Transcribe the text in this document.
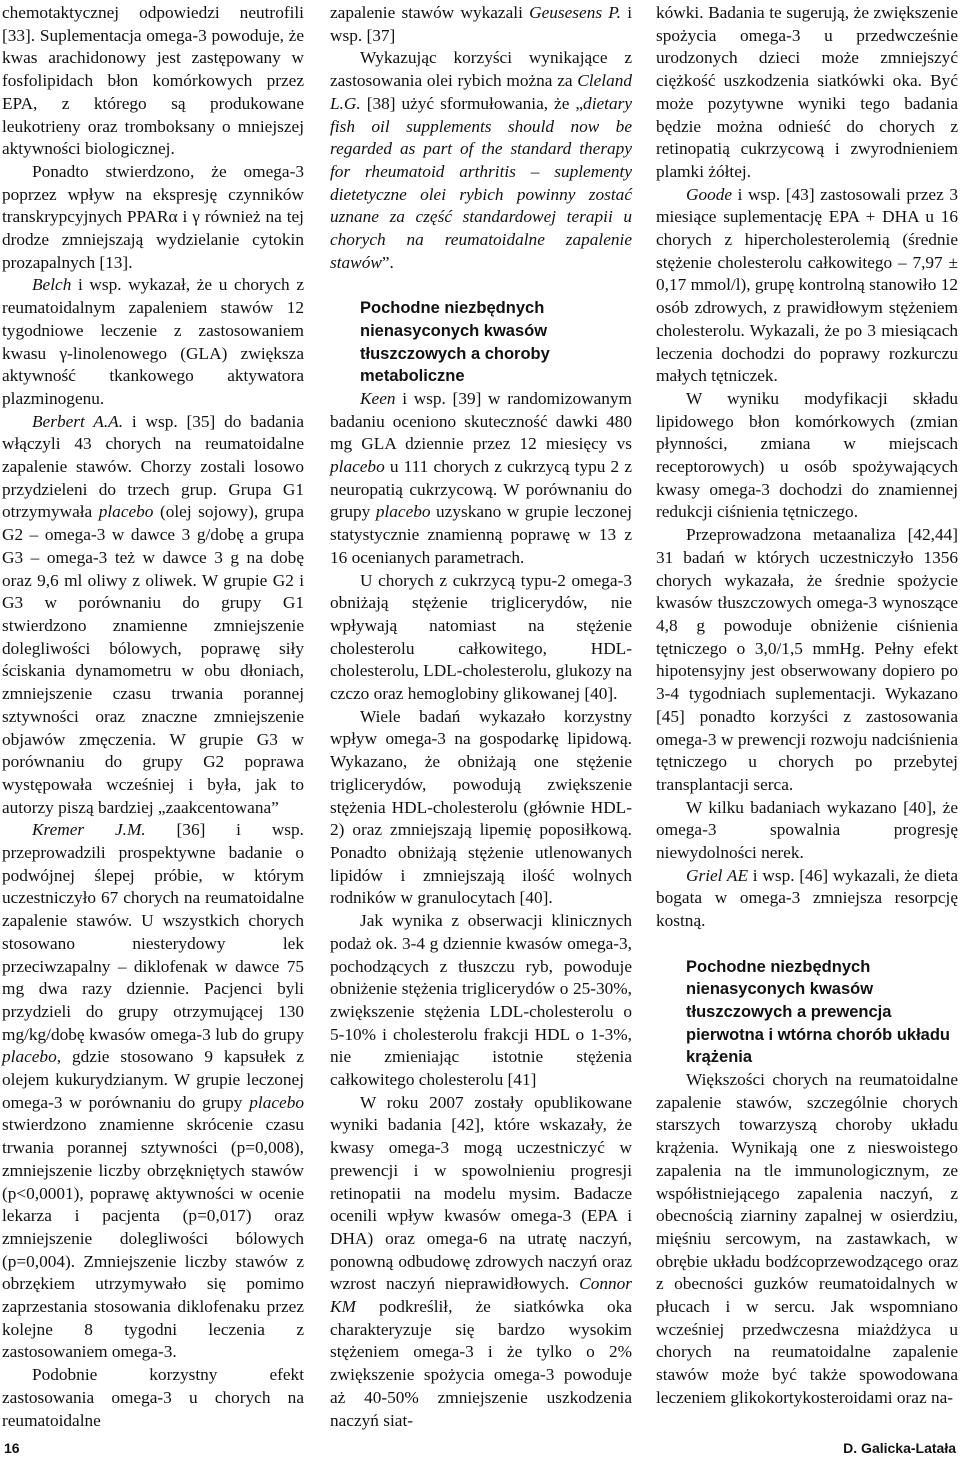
chemotaktycznej odpowiedzi neutrofili [33]. Suplementacja omega-3 powoduje, że kwas arachidonowy jest zastępowany w fosfolipidach błon komórkowych przez EPA, z którego są produkowane leukotrieny oraz tromboksany o mniejszej aktywności biologicznej.

Ponadto stwierdzono, że omega-3 poprzez wpływ na ekspresję czynników transkrypcyjnych PPARα i γ również na tej drodze zmniejszają wydzielanie cytokin prozapalnych [13].

Belch i wsp. wykazał, że u chorych z reumatoidalnym zapaleniem stawów 12 tygodniowe leczenie z zastosowaniem kwasu γ-linolenowego (GLA) zwiększa aktywność tkankowego aktywatora plazminogenu.

Berbert A.A. i wsp. [35] do badania włączyli 43 chorych na reumatoidalne zapalenie stawów. Chorzy zostali losowo przydzieleni do trzech grup. Grupa G1 otrzymywała placebo (olej sojowy), grupa G2 – omega-3 w dawce 3 g/dobę a grupa G3 – omega-3 też w dawce 3 g na dobę oraz 9,6 ml oliwy z oliwek. W grupie G2 i G3 w porównaniu do grupy G1 stwierdzono znamienne zmniejszenie dolegliwości bólowych, poprawę siły ściskania dynamometru w obu dłoniach, zmniejszenie czasu trwania porannej sztywności oraz znaczne zmniejszenie objawów zmęczenia. W grupie G3 w porównaniu do grupy G2 poprawa występowała wcześniej i była, jak to autorzy piszą bardziej „zaakcentowana”

Kremer J.M. [36] i wsp. przeprowadzili prospektywne badanie o podwójnej ślepej próbie, w którym uczestniczyło 67 chorych na reumatoidalne zapalenie stawów. U wszystkich chorych stosowano niesterydowy lek przeciwzapalny – diklofenak w dawce 75 mg dwa razy dziennie. Pacjenci byli przydzieli do grupy otrzymującej 130 mg/kg/dobę kwasów omega-3 lub do grupy placebo, gdzie stosowano 9 kapsułek z olejem kukurydzianym. W grupie leczonej omega-3 w porównaniu do grupy placebo stwierdzono znamienne skrócenie czasu trwania porannej sztywności (p=0,008), zmniejszenie liczby obrzękniętych stawów (p<0,0001), poprawę aktywności w ocenie lekarza i pacjenta (p=0,017) oraz zmniejszenie dolegliwości bólowych (p=0,004). Zmniejszenie liczby stawów z obrzękiem utrzymywało się pomimo zaprzestania stosowania diklofenaku przez kolejne 8 tygodni leczenia z zastosowaniem omega-3.

Podobnie korzystny efekt zastosowania omega-3 u chorych na reumatoidalne

zapalenie stawów wykazali Geusesens P. i wsp. [37]

Wykazując korzyści wynikające z zastosowania olei rybich można za Cleland L.G. [38] użyć sformułowania, że „dietary fish oil supplements should now be regarded as part of the standard therapy for rheumatoid arthritis – suplementy dietetyczne olei rybich powinny zostać uznane za część standardowej terapii u chorych na reumatoidalne zapalenie stawów”.

Pochodne niezbędnych nienasyconych kwasów tłuszczowych a choroby metaboliczne

Keen i wsp. [39] w randomizowanym badaniu oceniono skuteczność dawki 480 mg GLA dziennie przez 12 miesięcy vs placebo u 111 chorych z cukrzycą typu 2 z neuropatią cukrzycową. W porównaniu do grupy placebo uzyskano w grupie leczonej statystycznie znamienną poprawę w 13 z 16 ocenianych parametrach.

U chorych z cukrzycą typu-2 omega-3 obniżają stężenie triglicerydów, nie wpływają natomiast na stężenie cholesterolu całkowitego, HDL-cholesterolu, LDL-cholesterolu, glukozy na czczo oraz hemoglobiny glikowanej [40].

Wiele badań wykazało korzystny wpływ omega-3 na gospodarkę lipidową. Wykazano, że obniżają one stężenie triglicerydów, powodują zwiększenie stężenia HDL-cholesterolu (głównie HDL-2) oraz zmniejszają lipemię poposiłkową. Ponadto obniżają stężenie utlenowanych lipidów i zmniejszają ilość wolnych rodników w granulocytach [40].

Jak wynika z obserwacji klinicznych podaż ok. 3-4 g dziennie kwasów omega-3, pochodzących z tłuszczu ryb, powoduje obniżenie stężenia triglicerydów o 25-30%, zwiększenie stężenia LDL-cholesterolu o 5-10% i cholesterolu frakcji HDL o 1-3%, nie zmieniając istotnie stężenia całkowitego cholesterolu [41]

W roku 2007 zostały opublikowane wyniki badania [42], które wskazały, że kwasy omega-3 mogą uczestniczyć w prewencji i w spowolnieniu progresji retinopatii na modelu mysim. Badacze ocenili wpływ kwasów omega-3 (EPA i DHA) oraz omega-6 na utratę naczyń, ponowną odbudowę zdrowych naczyń oraz wzrost naczyń nieprawidłowych. Connor KM podkreślił, że siatkówka oka charakteryzuje się bardzo wysokim stężeniem omega-3 i że tylko o 2% zwiększenie spożycia omega-3 powoduje aż 40-50% zmniejszenie uszkodzenia naczyń siat-

kówki. Badania te sugerują, że zwiększenie spożycia omega-3 u przedwcześnie urodzonych dzieci może zmniejszyć ciężkość uszkodzenia siatkówki oka. Być może pozytywne wyniki tego badania będzie można odnieść do chorych z retinopatią cukrzycową i zwyrodnieniem plamki żółtej.

Goode i wsp. [43] zastosowali przez 3 miesiące suplementację EPA + DHA u 16 chorych z hipercholesterolemią (średnie stężenie cholesterolu całkowitego – 7,97 ± 0,17 mmol/l), grupę kontrolną stanowiło 12 osób zdrowych, z prawidłowym stężeniem cholesterolu. Wykazali, że po 3 miesiącach leczenia dochodzi do poprawy rozkurczu małych tętniczek.

W wyniku modyfikacji składu lipidowego błon komórkowych (zmian płynności, zmiana w miejscach receptorowych) u osób spożywających kwasy omega-3 dochodzi do znamiennej redukcji ciśnienia tętniczego.

Przeprowadzona metaanaliza [42,44] 31 badań w których uczestniczyło 1356 chorych wykazała, że średnie spożycie kwasów tłuszczowych omega-3 wynoszące 4,8 g powoduje obniżenie ciśnienia tętniczego o 3,0/1,5 mmHg. Pełny efekt hipotensyjny jest obserwowany dopiero po 3-4 tygodniach suplementacji. Wykazano [45] ponadto korzyści z zastosowania omega-3 w prewencji rozwoju nadciśnienia tętniczego u chorych po przebytej transplantacji serca.

W kilku badaniach wykazano [40], że omega-3 spowalnia progresję niewydolności nerek.

Griel AE i wsp. [46] wykazali, że dieta bogata w omega-3 zmniejsza resorpcję kostną.

Pochodne niezbędnych nienasyconych kwasów tłuszczowych a prewencja pierwotna i wtórna chorób układu krążenia

Większości chorych na reumatoidalne zapalenie stawów, szczególnie chorych starszych towarzyszą choroby układu krążenia. Wynikają one z nieswoistego zapalenia na tle immunologicznym, ze współistniejącego zapalenia naczyń, z obecnością ziarniny zapalnej w osierdziu, mięśniu sercowym, na zastawkach, w obrębie układu bodźcoprzewodzącego oraz z obecności guzków reumatoidalnych w płucach i w sercu. Jak wspomniano wcześniej przedwczesna miażdżyca u chorych na reumatoidalne zapalenie stawów może być także spowodowana leczeniem glikokortykosteroidami oraz na-

16	D. Galicka-Latała
